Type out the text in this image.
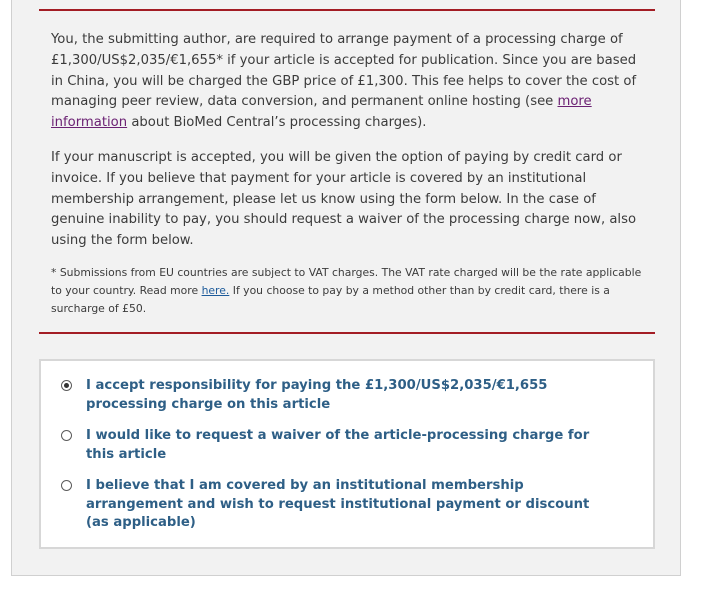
You, the submitting author, are required to arrange payment of a processing charge of £1,300/US$2,035/€1,655* if your article is accepted for publication. Since you are based in China, you will be charged the GBP price of £1,300. This fee helps to cover the cost of managing peer review, data conversion, and permanent online hosting (see more information about BioMed Central’s processing charges).
If your manuscript is accepted, you will be given the option of paying by credit card or invoice. If you believe that payment for your article is covered by an institutional membership arrangement, please let us know using the form below. In the case of genuine inability to pay, you should request a waiver of the processing charge now, also using the form below.
* Submissions from EU countries are subject to VAT charges. The VAT rate charged will be the rate applicable to your country. Read more here. If you choose to pay by a method other than by credit card, there is a surcharge of £50.
I accept responsibility for paying the £1,300/US$2,035/€1,655 processing charge on this article
I would like to request a waiver of the article-processing charge for this article
I believe that I am covered by an institutional membership arrangement and wish to request institutional payment or discount (as applicable)
